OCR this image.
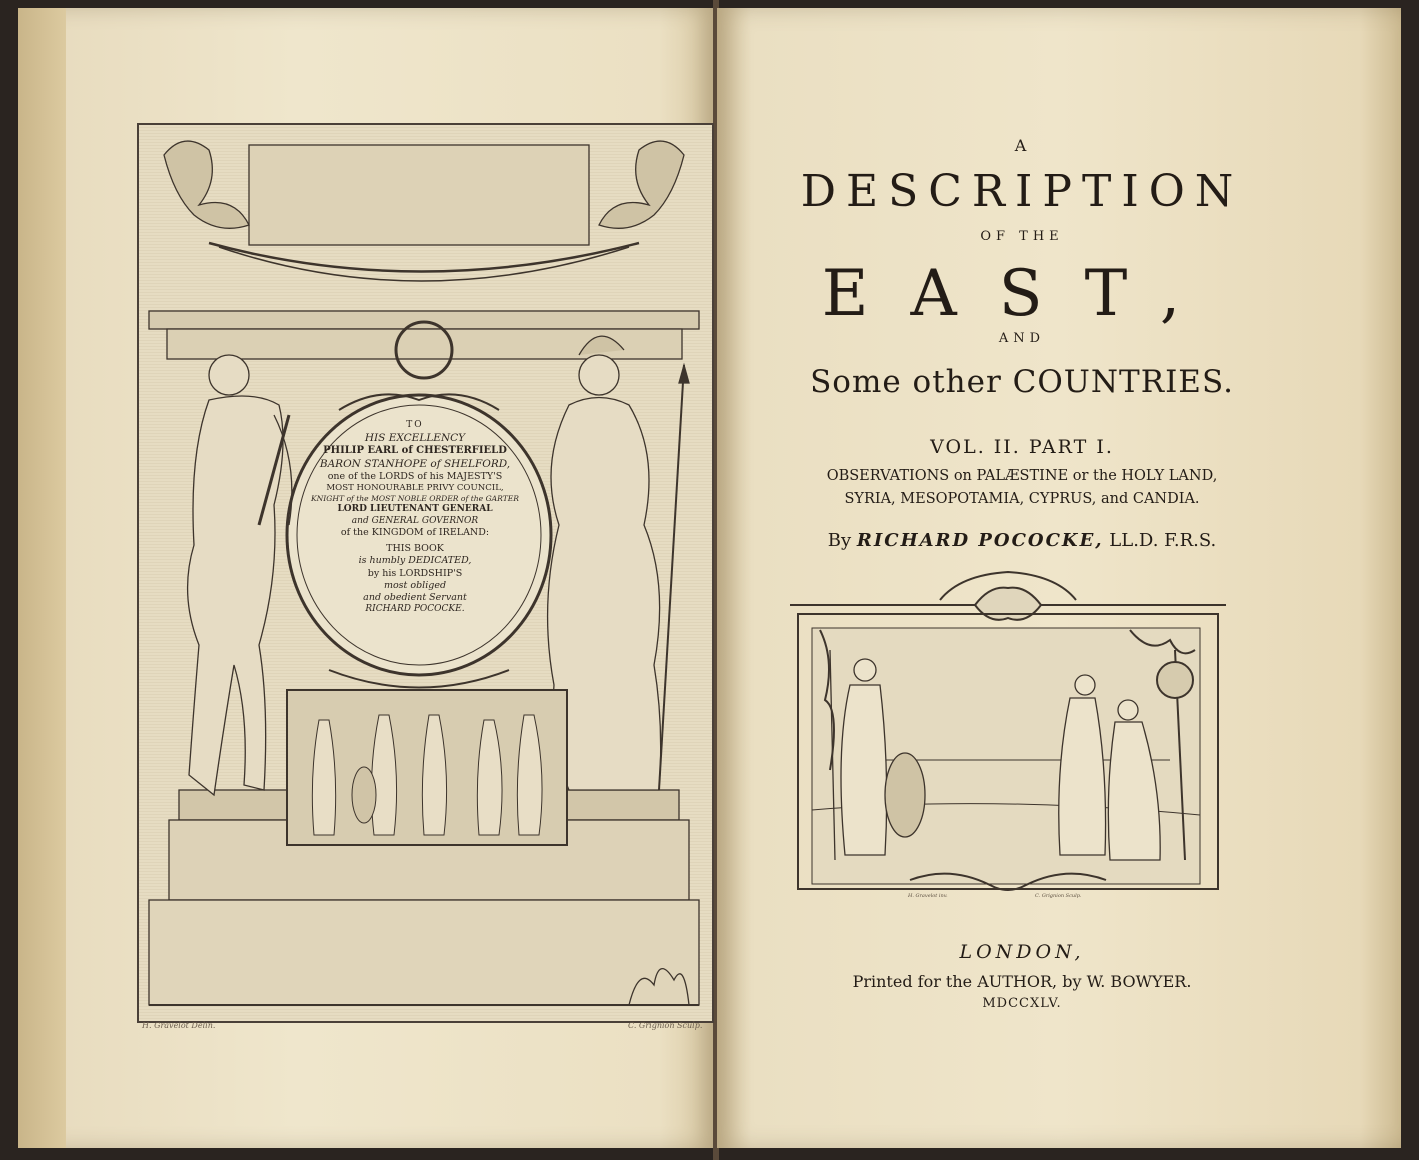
TO
HIS EXCELLENCY
PHILIP EARL of CHESTERFIELD
BARON STANHOPE of SHELFORD,
one of the LORDS of his MAJESTY'S
MOST HONOURABLE PRIVY COUNCIL,
KNIGHT of the MOST NOBLE ORDER of the GARTER
LORD LIEUTENANT GENERAL
and GENERAL GOVERNOR
of the KINGDOM of IRELAND:
THIS BOOK
is humbly DEDICATED,
by his LORDSHIP'S
most obliged
and obedient Servant
RICHARD POCOCKE.
H. Gravelot Delin.	C. Grignion Sculp.
A
DESCRIPTION
OF THE
EAST,
AND
Some other COUNTRIES.
VOL. II. PART I.
OBSERVATIONS on PALÆSTINE or the HOLY LAND,
SYRIA, MESOPOTAMIA, CYPRUS, and CANDIA.
By RICHARD POCOCKE, LL.D. F.R.S.
H. Gravelot inv.	C. Grignion Sculp.
LONDON,
Printed for the AUTHOR, by W. BOWYER.
MDCCXLV.
